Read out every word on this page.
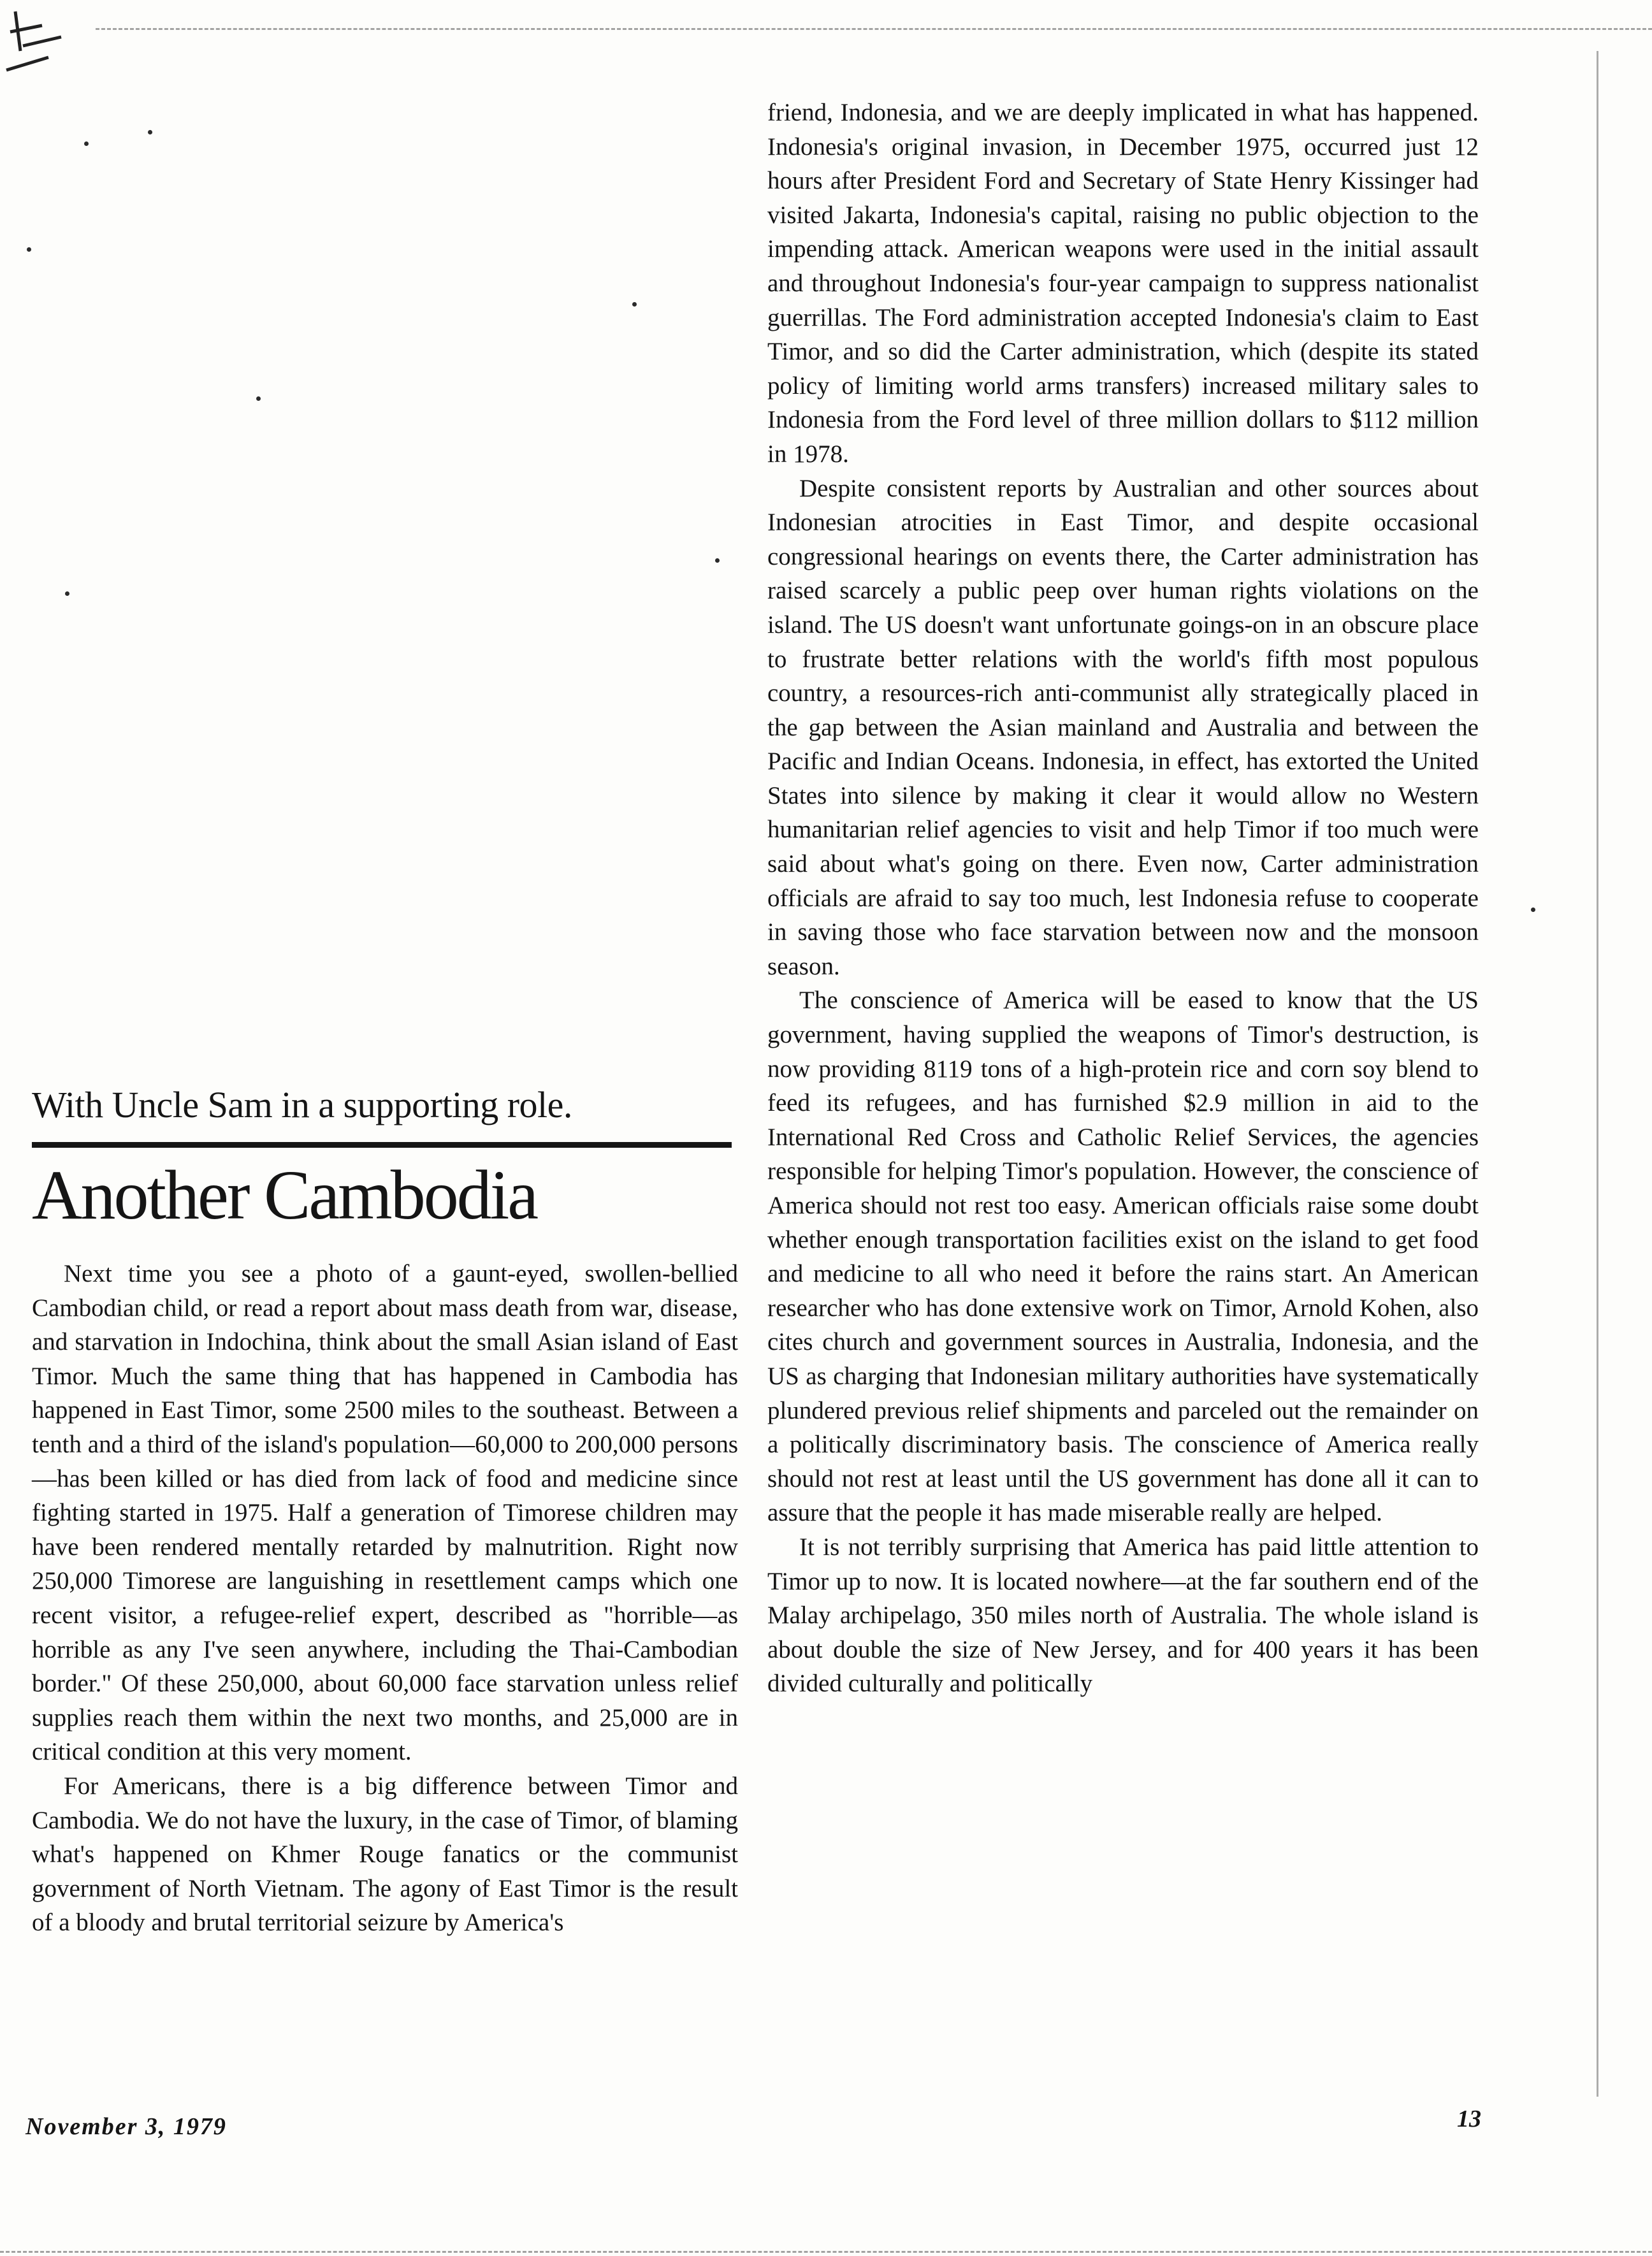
With Uncle Sam in a supporting role.
Another Cambodia

Next time you see a photo of a gaunt-eyed, swollen-bellied Cambodian child, or read a report about mass death from war, disease, and starvation in Indochina, think about the small Asian island of East Timor. Much the same thing that has happened in Cambodia has happened in East Timor, some 2500 miles to the southeast. Between a tenth and a third of the island's population—60,000 to 200,000 persons—has been killed or has died from lack of food and medicine since fighting started in 1975. Half a generation of Timorese children may have been rendered mentally retarded by malnutrition. Right now 250,000 Timorese are languishing in resettlement camps which one recent visitor, a refugee-relief expert, described as "horrible—as horrible as any I've seen anywhere, including the Thai-Cambodian border." Of these 250,000, about 60,000 face starvation unless relief supplies reach them within the next two months, and 25,000 are in critical condition at this very moment.

For Americans, there is a big difference between Timor and Cambodia. We do not have the luxury, in the case of Timor, of blaming what's happened on Khmer Rouge fanatics or the communist government of North Vietnam. The agony of East Timor is the result of a bloody and brutal territorial seizure by America's

friend, Indonesia, and we are deeply implicated in what has happened. Indonesia's original invasion, in December 1975, occurred just 12 hours after President Ford and Secretary of State Henry Kissinger had visited Jakarta, Indonesia's capital, raising no public objection to the impending attack. American weapons were used in the initial assault and throughout Indonesia's four-year campaign to suppress nationalist guerrillas. The Ford administration accepted Indonesia's claim to East Timor, and so did the Carter administration, which (despite its stated policy of limiting world arms transfers) increased military sales to Indonesia from the Ford level of three million dollars to $112 million in 1978.

Despite consistent reports by Australian and other sources about Indonesian atrocities in East Timor, and despite occasional congressional hearings on events there, the Carter administration has raised scarcely a public peep over human rights violations on the island. The US doesn't want unfortunate goings-on in an obscure place to frustrate better relations with the world's fifth most populous country, a resources-rich anti-communist ally strategically placed in the gap between the Asian mainland and Australia and between the Pacific and Indian Oceans. Indonesia, in effect, has extorted the United States into silence by making it clear it would allow no Western humanitarian relief agencies to visit and help Timor if too much were said about what's going on there. Even now, Carter administration officials are afraid to say too much, lest Indonesia refuse to cooperate in saving those who face starvation between now and the monsoon season.

The conscience of America will be eased to know that the US government, having supplied the weapons of Timor's destruction, is now providing 8119 tons of a high-protein rice and corn soy blend to feed its refugees, and has furnished $2.9 million in aid to the International Red Cross and Catholic Relief Services, the agencies responsible for helping Timor's population. However, the conscience of America should not rest too easy. American officials raise some doubt whether enough transportation facilities exist on the island to get food and medicine to all who need it before the rains start. An American researcher who has done extensive work on Timor, Arnold Kohen, also cites church and government sources in Australia, Indonesia, and the US as charging that Indonesian military authorities have systematically plundered previous relief shipments and parceled out the remainder on a politically discriminatory basis. The conscience of America really should not rest at least until the US government has done all it can to assure that the people it has made miserable really are helped.

It is not terribly surprising that America has paid little attention to Timor up to now. It is located nowhere—at the far southern end of the Malay archipelago, 350 miles north of Australia. The whole island is about double the size of New Jersey, and for 400 years it has been divided culturally and politically

November 3, 1979	13
